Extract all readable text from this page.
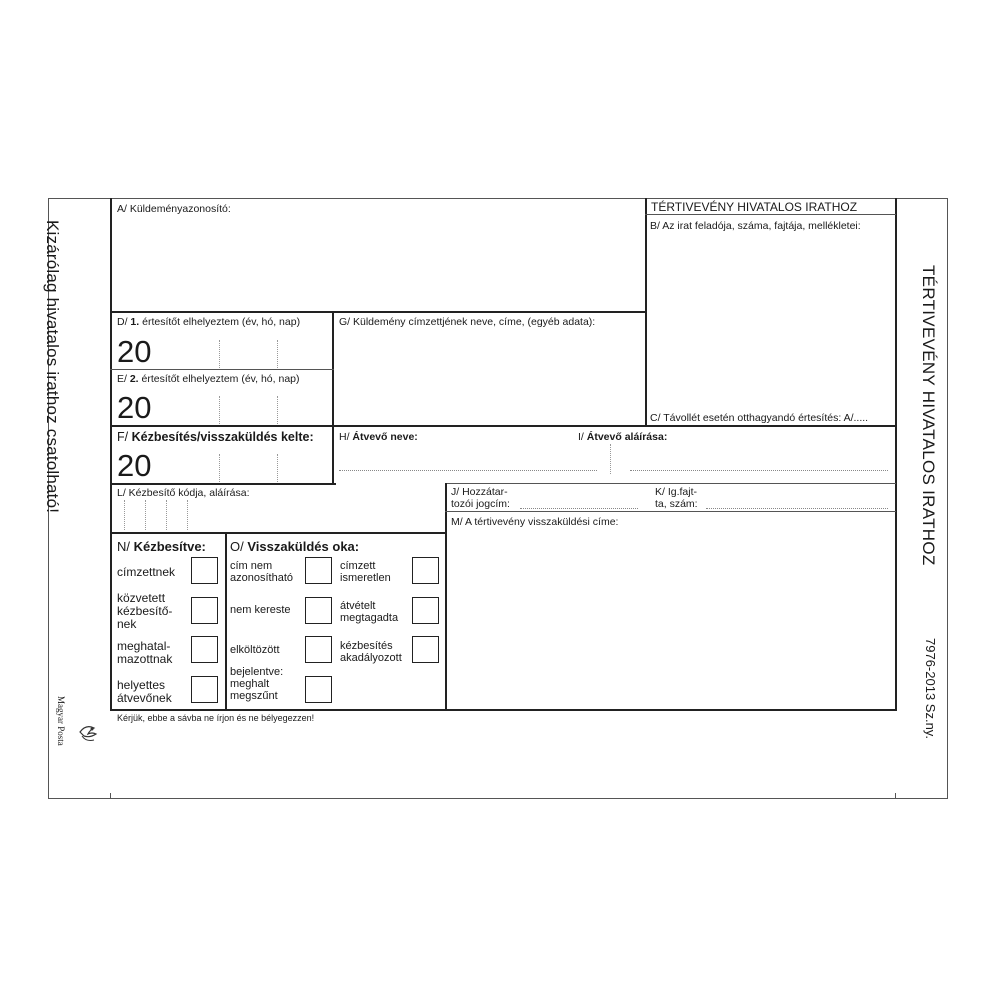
Kizárólag hivatalos irathoz csatolható!
Magyar Posta
TÉRTIVEVÉNY HIVATALOS IRATHOZ
7976-2013 Sz.ny.
TÉRTIVEVÉNY HIVATALOS IRATHOZ
A/ Küldeményazonosító:
B/ Az irat feladója, száma, fajtája, mellékletei:
C/ Távollét esetén otthagyandó értesítés: A/.....
D/ 1. értesítőt elhelyeztem (év, hó, nap)
20
E/ 2. értesítőt elhelyeztem (év, hó, nap)
20
F/ Kézbesítés/visszaküldés kelte:
20
G/ Küldemény címzettjének neve, címe, (egyéb adata):
H/ Átvevő neve:	I/ Átvevő aláírása:
L/ Kézbesítő kódja, aláírása:	J/ Hozzátar-
tozói jogcím:
K/ Ig.fajt-
ta, szám:
M/ A tértivevény visszaküldési címe:
N/ Kézbesítve:
címzettnek
közvetett kézbesítő-nek
meghatal-mazottnak
helyettes átvevőnek
O/ Visszaküldés oka:
cím nem azonosítható
nem kereste
elköltözött
bejelentve: meghalt megszűnt
címzett ismeretlen
átvételt megtagadta
kézbesítés akadályozott
Kérjük, ebbe a sávba ne írjon és ne bélyegezzen!
